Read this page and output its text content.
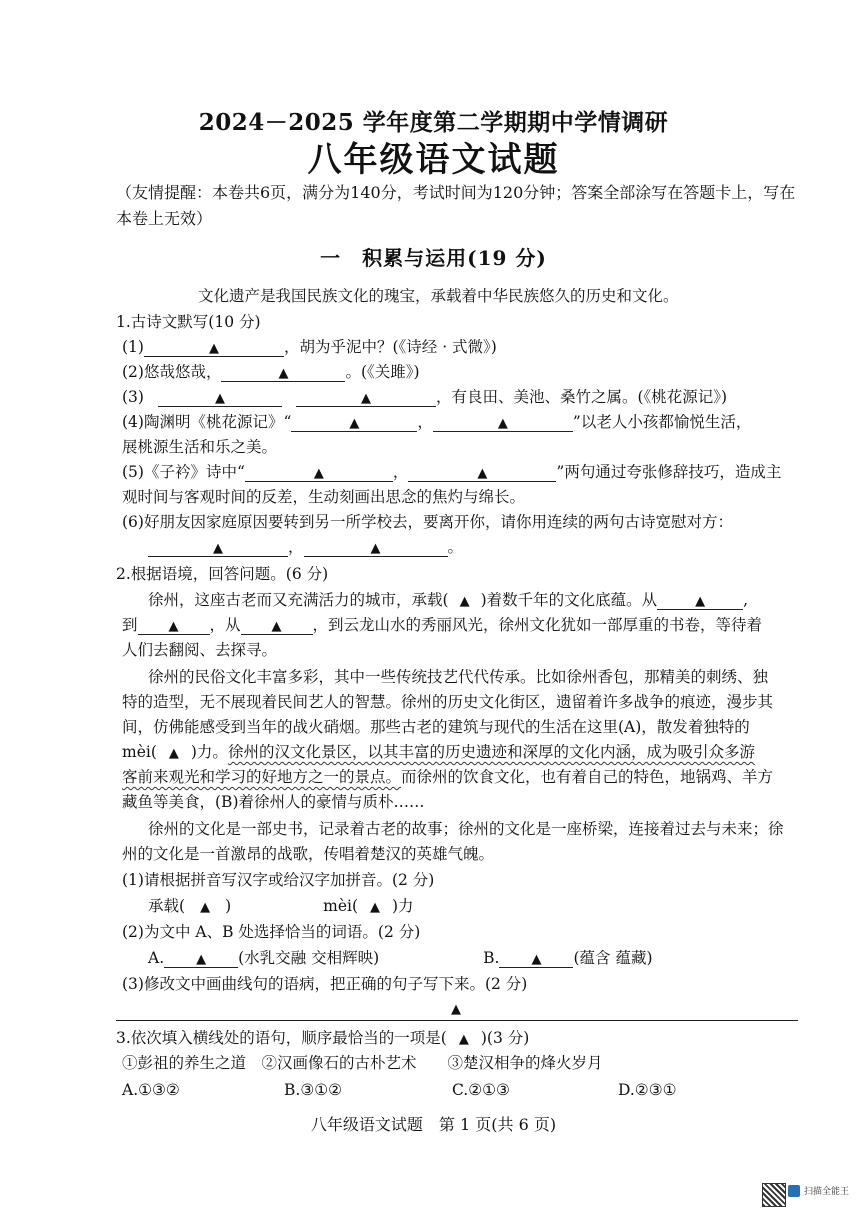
2024－2025 学年度第二学期期中学情调研
八年级语文试题
（友情提醒：本卷共6页，满分为140分，考试时间为120分钟；答案全部涂写在答题卡上，写在本卷上无效）
一　积累与运用(19 分)
文化遗产是我国民族文化的瑰宝，承载着中华民族悠久的历史和文化。
1.古诗文默写(10 分)
(1)	▲	，胡为乎泥中？(《诗经 · 式微》)
(2)悠哉悠哉，	▲	。(《关雎》)
(3)	▲	▲	，有良田、美池、桑竹之属。(《桃花源记》)
(4)陶渊明《桃花源记》“	▲	，	▲	”以老人小孩都愉悦生活，
展桃源生活和乐之美。
(5)《子衿》诗中“	▲	，	▲	”两句通过夸张修辞技巧，造成主
观时间与客观时间的反差，生动刻画出思念的焦灼与绵长。
(6)好朋友因家庭原因要转到另一所学校去，要离开你，请你用连续的两句古诗宽慰对方：
▲	，	▲	。
2.根据语境，回答问题。(6 分)
徐州，这座古老而又充满活力的城市，承载( ▲ )着数千年的文化底蕴。从	▲ ,
到 ▲ ，从 ▲ ，到云龙山水的秀丽风光，徐州文化犹如一部厚重的书卷，等待着
人们去翻阅、去探寻。
徐州的民俗文化丰富多彩，其中一些传统技艺代代传承。比如徐州香包，那精美的刺绣、独
特的造型，无不展现着民间艺人的智慧。徐州的历史文化街区，遗留着许多战争的痕迹，漫步其
间，仿佛能感受到当年的战火硝烟。那些古老的建筑与现代的生活在这里(A)，散发着独特的
mèi( ▲ )力。徐州的汉文化景区，以其丰富的历史遗迹和深厚的文化内涵，成为吸引众多游
客前来观光和学习的好地方之一的景点。而徐州的饮食文化，也有着自己的特色，地锅鸡、羊方
藏鱼等美食，(B)着徐州人的豪情与质朴……
徐州的文化是一部史书，记录着古老的故事；徐州的文化是一座桥梁，连接着过去与未来；徐
州的文化是一首激昂的战歌，传唱着楚汉的英雄气魄。
(1)请根据拼音写汉字或给汉字加拼音。(2 分)
承载( ▲ )	mèi( ▲ )力
(2)为文中 A、B 处选择恰当的词语。(2 分)
A. ▲ (水乳交融 交相辉映)	B. ▲ (蕴含 蕴藏)
(3)修改文中画曲线句的语病，把正确的句子写下来。(2 分)
▲
3.依次填入横线处的语句，顺序最恰当的一项是( ▲ )(3 分)
①彭祖的养生之道　②汉画像石的古朴艺术　　③楚汉相争的烽火岁月
A.①③②	B.③①②	C.②①③	D.②③①
八年级语文试题　第 1 页(共 6 页)
扫描全能王
